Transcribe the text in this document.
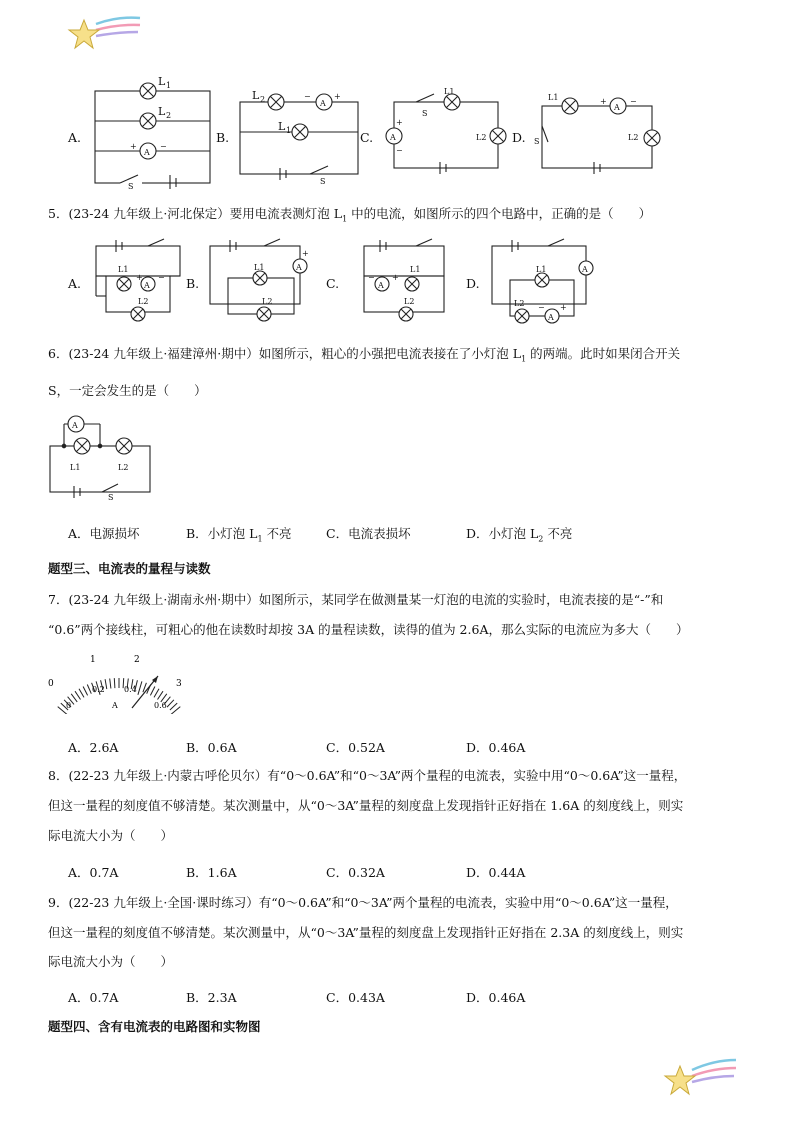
A.
A
+	−
L 1
L 2
S
B.
A
−	+
L 2
L 1
S
C.
S
L1
A
+
−
L2 D.
L1
A
+	−
S	L2
5．(23-24 九年级上·河北保定）要用电流表测灯泡 $L_1$ 中的电流，如图所示的四个电路中，正确的是（　　）
A.	A
L1
L2
+ − B.
A
L1
L2
+
C.	A
− +
L1
L2
D.
A
A
L1
L2 − +
6．(23-24 九年级上·福建漳州·期中）如图所示，粗心的小强把电流表接在了小灯泡 $L_1$ 的两端。此时如果闭合开关
S，一定会发生的是（　　）
A
L1	L2
S
A．电源损坏	B．小灯泡 $L_1$ 不亮	C．电流表损坏	D．小灯泡 $L_2$ 不亮
题型三、电流表的量程与读数
7．(23-24 九年级上·湖南永州·期中）如图所示，某同学在做测量某一灯泡的电流的实验时，电流表接的是“-”和
“0.6”两个接线柱，可粗心的他在读数时却按 3A 的量程读数，读得的值为 2.6A，那么实际的电流应为多大（　　）
0
1	2
3
0
0.2 0.4
0.6
A
A．2.6A	B．0.6A	C．0.52A	D．0.46A
8．(22-23 九年级上·内蒙古呼伦贝尔）有“0～0.6A”和“0～3A”两个量程的电流表，实验中用“0～0.6A”这一量程，
但这一量程的刻度值不够清楚。某次测量中，从“0～3A”量程的刻度盘上发现指针正好指在 1.6A 的刻度线上，则实
际电流大小为（　　）
A．0.7A	B．1.6A	C．0.32A	D．0.44A
9．(22-23 九年级上·全国·课时练习）有“0～0.6A”和“0～3A”两个量程的电流表，实验中用“0～0.6A”这一量程，
但这一量程的刻度值不够清楚。某次测量中，从“0～3A”量程的刻度盘上发现指针正好指在 2.3A 的刻度线上，则实
际电流大小为（　　）
A．0.7A	B．2.3A	C．0.43A	D．0.46A
题型四、含有电流表的电路图和实物图
